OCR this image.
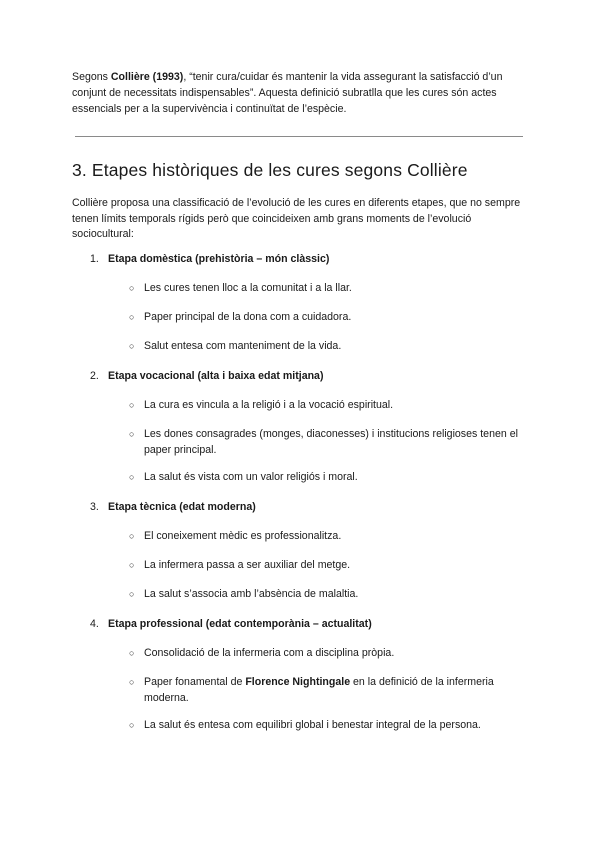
Segons Collière (1993), “tenir cura/cuidar és mantenir la vida assegurant la satisfacció d’un conjunt de necessitats indispensables”. Aquesta definició subratlla que les cures són actes essencials per a la supervivència i continuïtat de l’espècie.

3. Etapes històriques de les cures segons Collière

Collière proposa una classificació de l’evolució de les cures en diferents etapes, que no sempre tenen límits temporals rígids però que coincideixen amb grans moments de l’evolució sociocultural:

1. Etapa domèstica (prehistòria – món clàssic)
○ Les cures tenen lloc a la comunitat i a la llar.
○ Paper principal de la dona com a cuidadora.
○ Salut entesa com manteniment de la vida.
2. Etapa vocacional (alta i baixa edat mitjana)
○ La cura es vincula a la religió i a la vocació espiritual.
○ Les dones consagrades (monges, diaconesses) i institucions religioses tenen el paper principal.
○ La salut és vista com un valor religiós i moral.
3. Etapa tècnica (edat moderna)
○ El coneixement mèdic es professionalitza.
○ La infermera passa a ser auxiliar del metge.
○ La salut s’associa amb l’absència de malaltia.
4. Etapa professional (edat contemporània – actualitat)
○ Consolidació de la infermeria com a disciplina pròpia.
○ Paper fonamental de Florence Nightingale en la definició de la infermeria moderna.
○ La salut és entesa com equilibri global i benestar integral de la persona.
